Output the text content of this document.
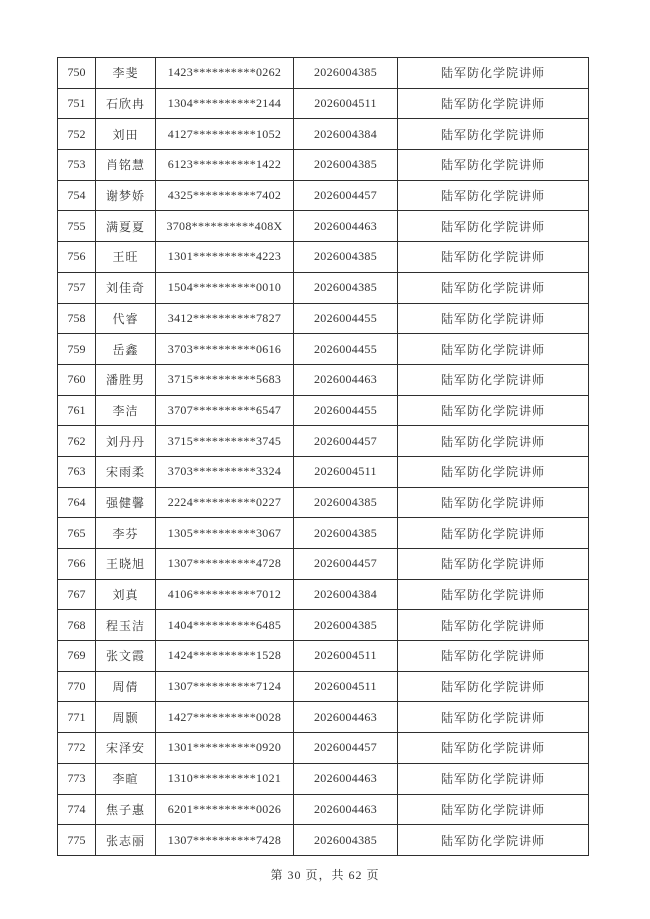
750	李斐	1423**********0262	2026004385	陆军防化学院讲师
751	石欣冉	1304**********2144	2026004511	陆军防化学院讲师
752	刘田	4127**********1052	2026004384	陆军防化学院讲师
753	肖铭慧	6123**********1422	2026004385	陆军防化学院讲师
754	谢梦娇	4325**********7402	2026004457	陆军防化学院讲师
755	满夏夏	3708**********408X	2026004463	陆军防化学院讲师
756	王旺	1301**********4223	2026004385	陆军防化学院讲师
757	刘佳奇	1504**********0010	2026004385	陆军防化学院讲师
758	代睿	3412**********7827	2026004455	陆军防化学院讲师
759	岳鑫	3703**********0616	2026004455	陆军防化学院讲师
760	潘胜男	3715**********5683	2026004463	陆军防化学院讲师
761	李洁	3707**********6547	2026004455	陆军防化学院讲师
762	刘丹丹	3715**********3745	2026004457	陆军防化学院讲师
763	宋雨柔	3703**********3324	2026004511	陆军防化学院讲师
764	强健馨	2224**********0227	2026004385	陆军防化学院讲师
765	李芬	1305**********3067	2026004385	陆军防化学院讲师
766	王晓旭	1307**********4728	2026004457	陆军防化学院讲师
767	刘真	4106**********7012	2026004384	陆军防化学院讲师
768	程玉洁	1404**********6485	2026004385	陆军防化学院讲师
769	张文霞	1424**********1528	2026004511	陆军防化学院讲师
770	周倩	1307**********7124	2026004511	陆军防化学院讲师
771	周颢	1427**********0028	2026004463	陆军防化学院讲师
772	宋泽安	1301**********0920	2026004457	陆军防化学院讲师
773	李暄	1310**********1021	2026004463	陆军防化学院讲师
774	焦子惠	6201**********0026	2026004463	陆军防化学院讲师
775	张志丽	1307**********7428	2026004385	陆军防化学院讲师
第 30 页，共 62 页
